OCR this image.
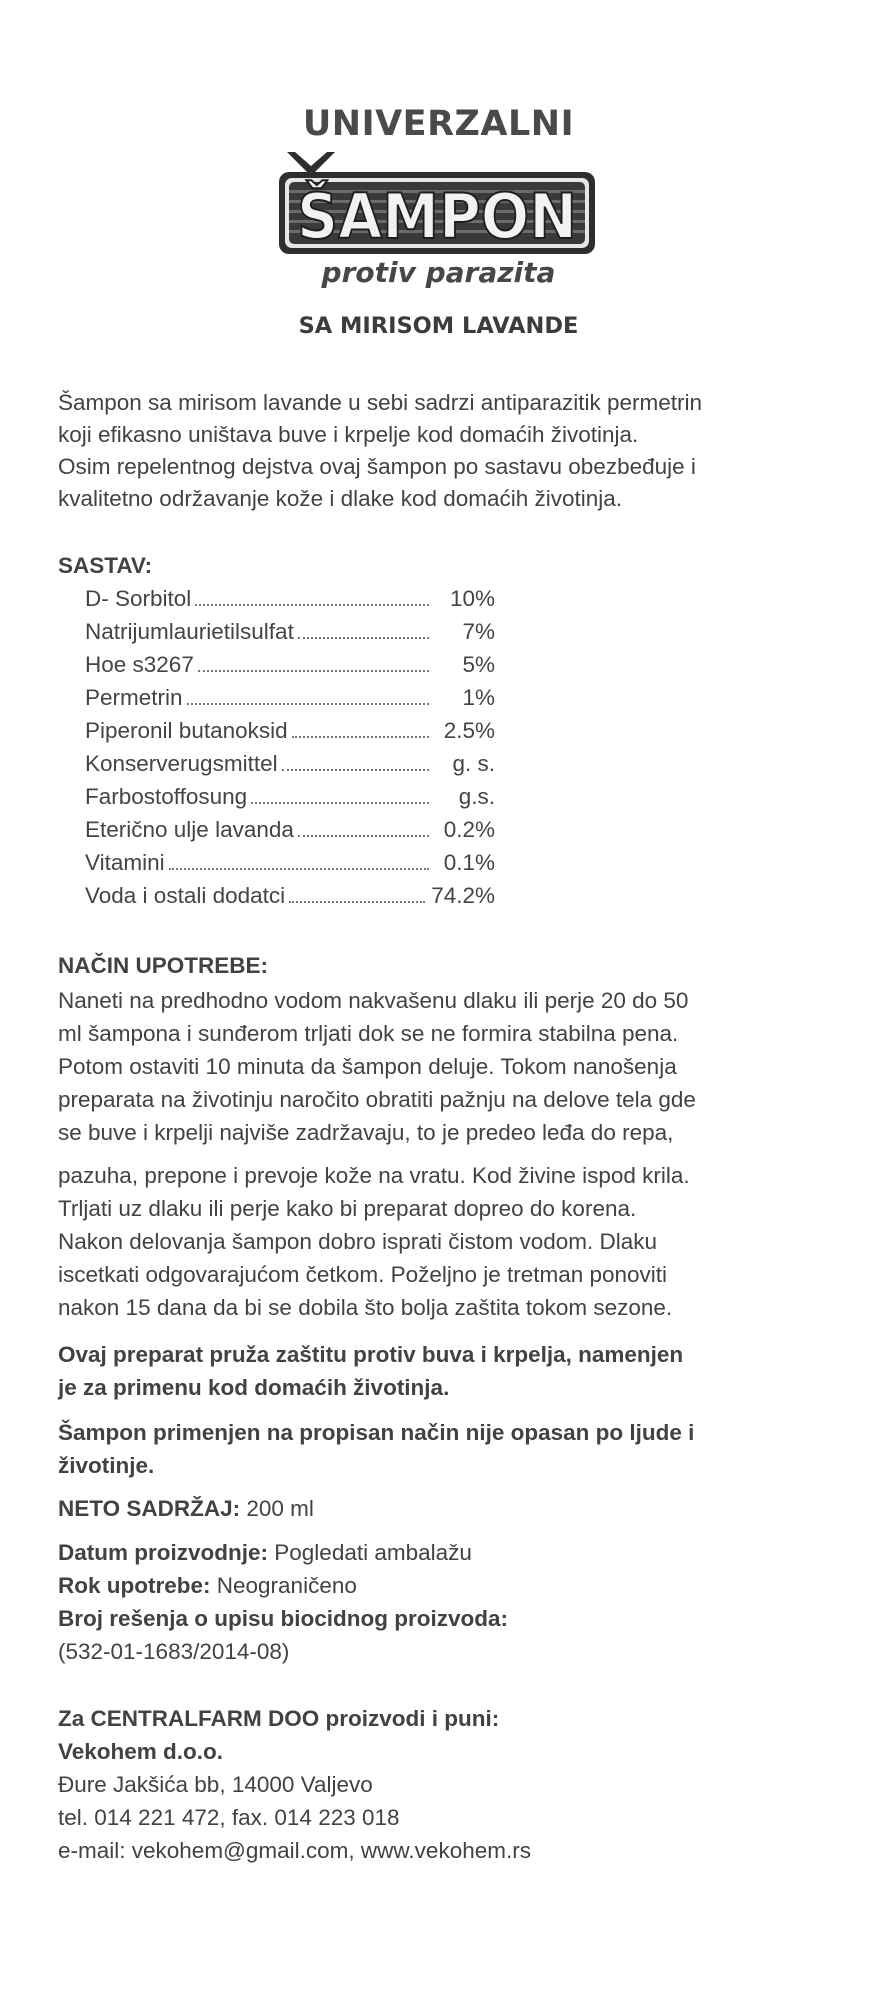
UNIVERZALNI
ŠAMPON
protiv parazita
SA MIRISOM LAVANDE
Šampon sa mirisom lavande u sebi sadrzi antiparazitik permetrin
koji efikasno uništava buve i krpelje kod domaćih životinja.
Osim repelentnog dejstva ovaj šampon po sastavu obezbeđuje i
kvalitetno održavanje kože i dlake kod domaćih životinja.
SASTAV:
D- Sorbitol	10%
Natrijumlaurietilsulfat	7%
Hoe s3267	5%
Permetrin	1%
Piperonil butanoksid	2.5%
Konserverugsmittel	g. s.
Farbostoffosung	g.s.
Eterično ulje lavanda	0.2%
Vitamini	0.1%
Voda i ostali dodatci	74.2%
NAČIN UPOTREBE:
Naneti na predhodno vodom nakvašenu dlaku ili perje 20 do 50
ml šampona i sunđerom trljati dok se ne formira stabilna pena.
Potom ostaviti 10 minuta da šampon deluje. Tokom nanošenja
preparata na životinju naročito obratiti pažnju na delove tela gde
se buve i krpelji najviše zadržavaju, to je predeo leđa do repa,
pazuha, prepone i prevoje kože na vratu. Kod živine ispod krila.
Trljati uz dlaku ili perje kako bi preparat dopreo do korena.
Nakon delovanja šampon dobro isprati čistom vodom. Dlaku
iscetkati odgovarajućom četkom. Poželjno je tretman ponoviti
nakon 15 dana da bi se dobila što bolja zaštita tokom sezone.
Ovaj preparat pruža zaštitu protiv buva i krpelja, namenjen
je za primenu kod domaćih životinja.
Šampon primenjen na propisan način nije opasan po ljude i
životinje.
NETO SADRŽAJ: 200 ml
Datum proizvodnje: Pogledati ambalažu
Rok upotrebe: Neograničeno
Broj rešenja o upisu biocidnog proizvoda:
(532-01-1683/2014-08)
Za CENTRALFARM DOO proizvodi i puni:
Vekohem d.o.o.
Đure Jakšića bb, 14000 Valjevo
tel. 014 221 472, fax. 014 223 018
e-mail: vekohem@gmail.com, www.vekohem.rs
